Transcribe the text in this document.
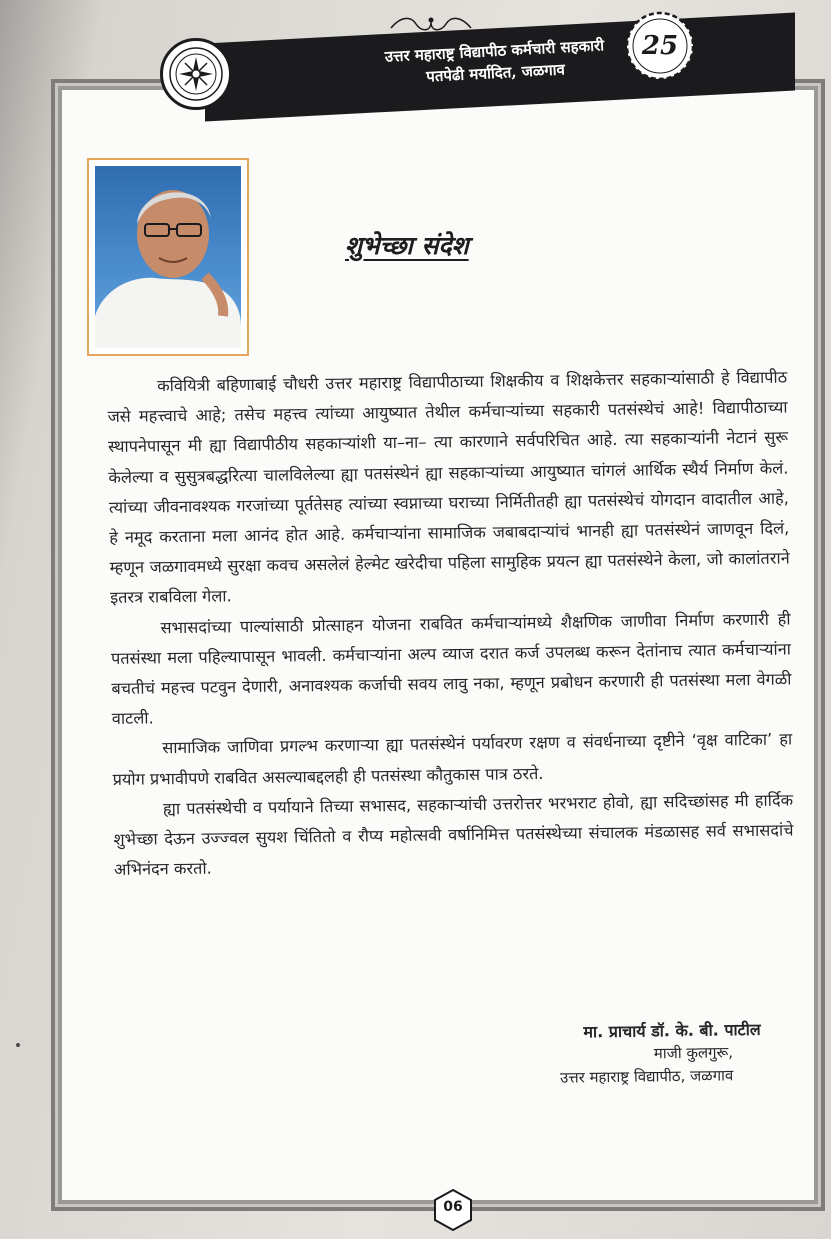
उत्तर महाराष्ट्र विद्यापीठ कर्मचारी सहकारी
पतपेढी मर्यादित, जळगाव
25
शुभेच्छा संदेश

कवियित्री बहिणाबाई चौधरी उत्तर महाराष्ट्र विद्यापीठाच्या शिक्षकीय व शिक्षकेत्तर सहकाऱ्यांसाठी हे विद्यापीठ जसे महत्त्वाचे आहे; तसेच महत्त्व त्यांच्या आयुष्यात तेथील कर्मचाऱ्यांच्या सहकारी पतसंस्थेचं आहे! विद्यापीठाच्या स्थापनेपासून मी ह्या विद्यापीठीय सहकाऱ्यांशी या–ना– त्या कारणाने सर्वपरिचित आहे. त्या सहकाऱ्यांनी नेटानं सुरू केलेल्या व सुसुत्रबद्धरित्या चालविलेल्या ह्या पतसंस्थेनं ह्या सहकाऱ्यांच्या आयुष्यात चांगलं आर्थिक स्थैर्य निर्माण केलं. त्यांच्या जीवनावश्यक गरजांच्या पूर्ततेसह त्यांच्या स्वप्नाच्या घराच्या निर्मितीतही ह्या पतसंस्थेचं योगदान वादातील आहे, हे नमूद करताना मला आनंद होत आहे. कर्मचाऱ्यांना सामाजिक जबाबदाऱ्यांचं भानही ह्या पतसंस्थेनं जाणवून दिलं, म्हणून जळगावमध्ये सुरक्षा कवच असलेलं हेल्मेट खरेदीचा पहिला सामुहिक प्रयत्न ह्या पतसंस्थेने केला, जो कालांतराने इतरत्र राबविला गेला.

सभासदांच्या पाल्यांसाठी प्रोत्साहन योजना राबवित कर्मचाऱ्यांमध्ये शैक्षणिक जाणीवा निर्माण करणारी ही पतसंस्था मला पहिल्यापासून भावली. कर्मचाऱ्यांना अल्प व्याज दरात कर्ज उपलब्ध करून देतांनाच त्यात कर्मचाऱ्यांना बचतीचं महत्त्व पटवुन देणारी, अनावश्यक कर्जाची सवय लावु नका, म्हणून प्रबोधन करणारी ही पतसंस्था मला वेगळी वाटली.

सामाजिक जाणिवा प्रगल्भ करणाऱ्या ह्या पतसंस्थेनं पर्यावरण रक्षण व संवर्धनाच्या दृष्टीने ‘वृक्ष वाटिका’ हा प्रयोग प्रभावीपणे राबवित असल्याबद्दलही ही पतसंस्था कौतुकास पात्र ठरते.

ह्या पतसंस्थेची व पर्यायाने तिच्या सभासद, सहकाऱ्यांची उत्तरोत्तर भरभराट होवो, ह्या सदिच्छांसह मी हार्दिक शुभेच्छा देऊन उज्ज्वल सुयश चिंतितो व रौप्य महोत्सवी वर्षानिमित्त पतसंस्थेच्या संचालक मंडळासह सर्व सभासदांचे अभिनंदन करतो.

मा. प्राचार्य डॉ. के. बी. पाटील
माजी कुलगुरू,
उत्तर महाराष्ट्र विद्यापीठ, जळगाव
06
